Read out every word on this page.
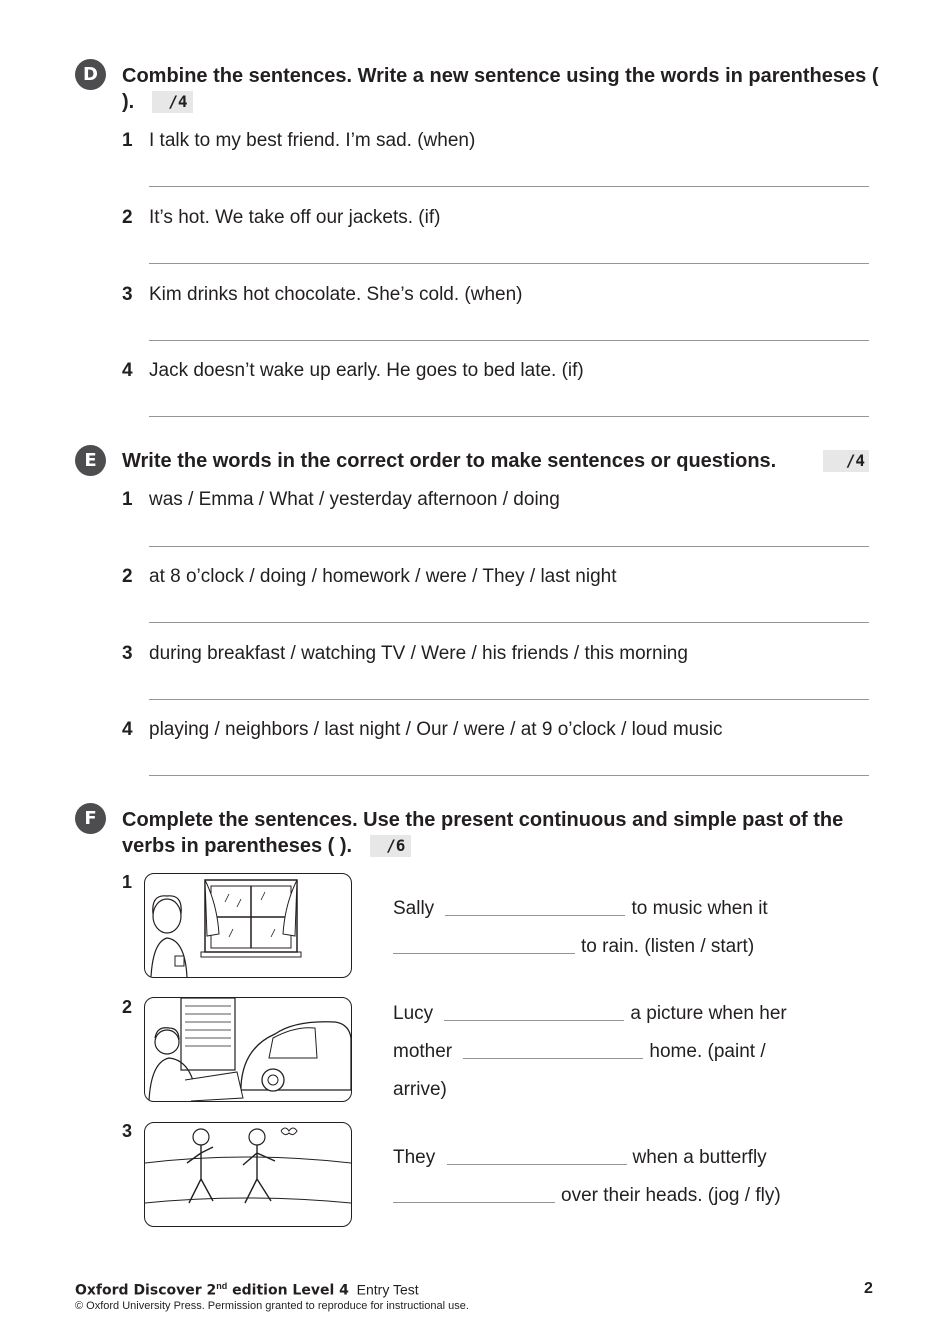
D	Combine the sentences. Write a new sentence using the words in parentheses ( ). /4
1 I talk to my best friend. I’m sad. (when)
2 It’s hot. We take off our jackets. (if)
3 Kim drinks hot chocolate. She’s cold. (when)
4 Jack doesn’t wake up early. He goes to bed late. (if)
E	Write the words in the correct order to make sentences or questions.	/4
1 was / Emma / What / yesterday afternoon / doing
2 at 8 o’clock / doing / homework / were / They / last night
3 during breakfast / watching TV / Were / his friends / this morning
4 playing / neighbors / last night / Our / were / at 9 o’clock / loud music
F	Complete the sentences. Use the present continuous and simple past of the verbs in parentheses ( ). /6
1
Sally	to music when it
to rain. (listen / start)
2	Lucy	a picture when her
mother	home. (paint /
arrive)
3
They	when a butterfly
over their heads. (jog / fly)
Oxford Discover 2nd edition Level 4 Entry Test
© Oxford University Press. Permission granted to reproduce for instructional use.
2
